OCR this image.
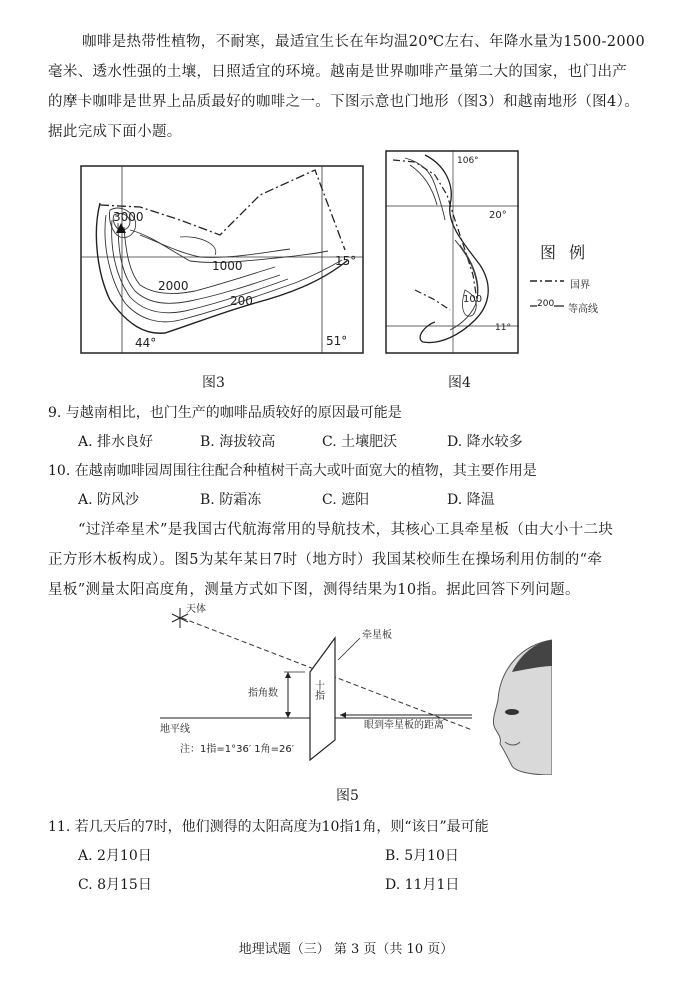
咖啡是热带性植物，不耐寒，最适宜生长在年均温20℃左右、年降水量为1500-2000
毫米、透水性强的土壤，日照适宜的环境。越南是世界咖啡产量第二大的国家，也门出产
的摩卡咖啡是世界上品质最好的咖啡之一。下图示意也门地形（图3）和越南地形（图4）。
据此完成下面小题。
3000
1000
2000
200
15°
44°	51°
图3
106°
20°
100
11°
图4
图 例
国界
200 等高线
9. 与越南相比，也门生产的咖啡品质较好的原因最可能是
A. 排水良好	B. 海拔较高	C. 土壤肥沃	D. 降水较多
10. 在越南咖啡园周围往往配合种植树干高大或叶面宽大的植物，其主要作用是
A. 防风沙	B. 防霜冻	C. 遮阳	D. 降温
“过洋牵星术”是我国古代航海常用的导航技术，其核心工具牵星板（由大小十二块
正方形木板构成）。图5为某年某日7时（地方时）我国某校师生在操场利用仿制的“牵
星板”测量太阳高度角，测量方式如下图，测得结果为10指。据此回答下列问题。
天体
地平线
十指
牵星板
指角数
眼到牵星板的距离
注：1指=1°36′ 1角=26′
图5
11. 若几天后的7时，他们测得的太阳高度为10指1角，则“该日”最可能
A. 2月10日	B. 5月10日
C. 8月15日	D. 11月1日
地理试题（三） 第 3 页（共 10 页）
